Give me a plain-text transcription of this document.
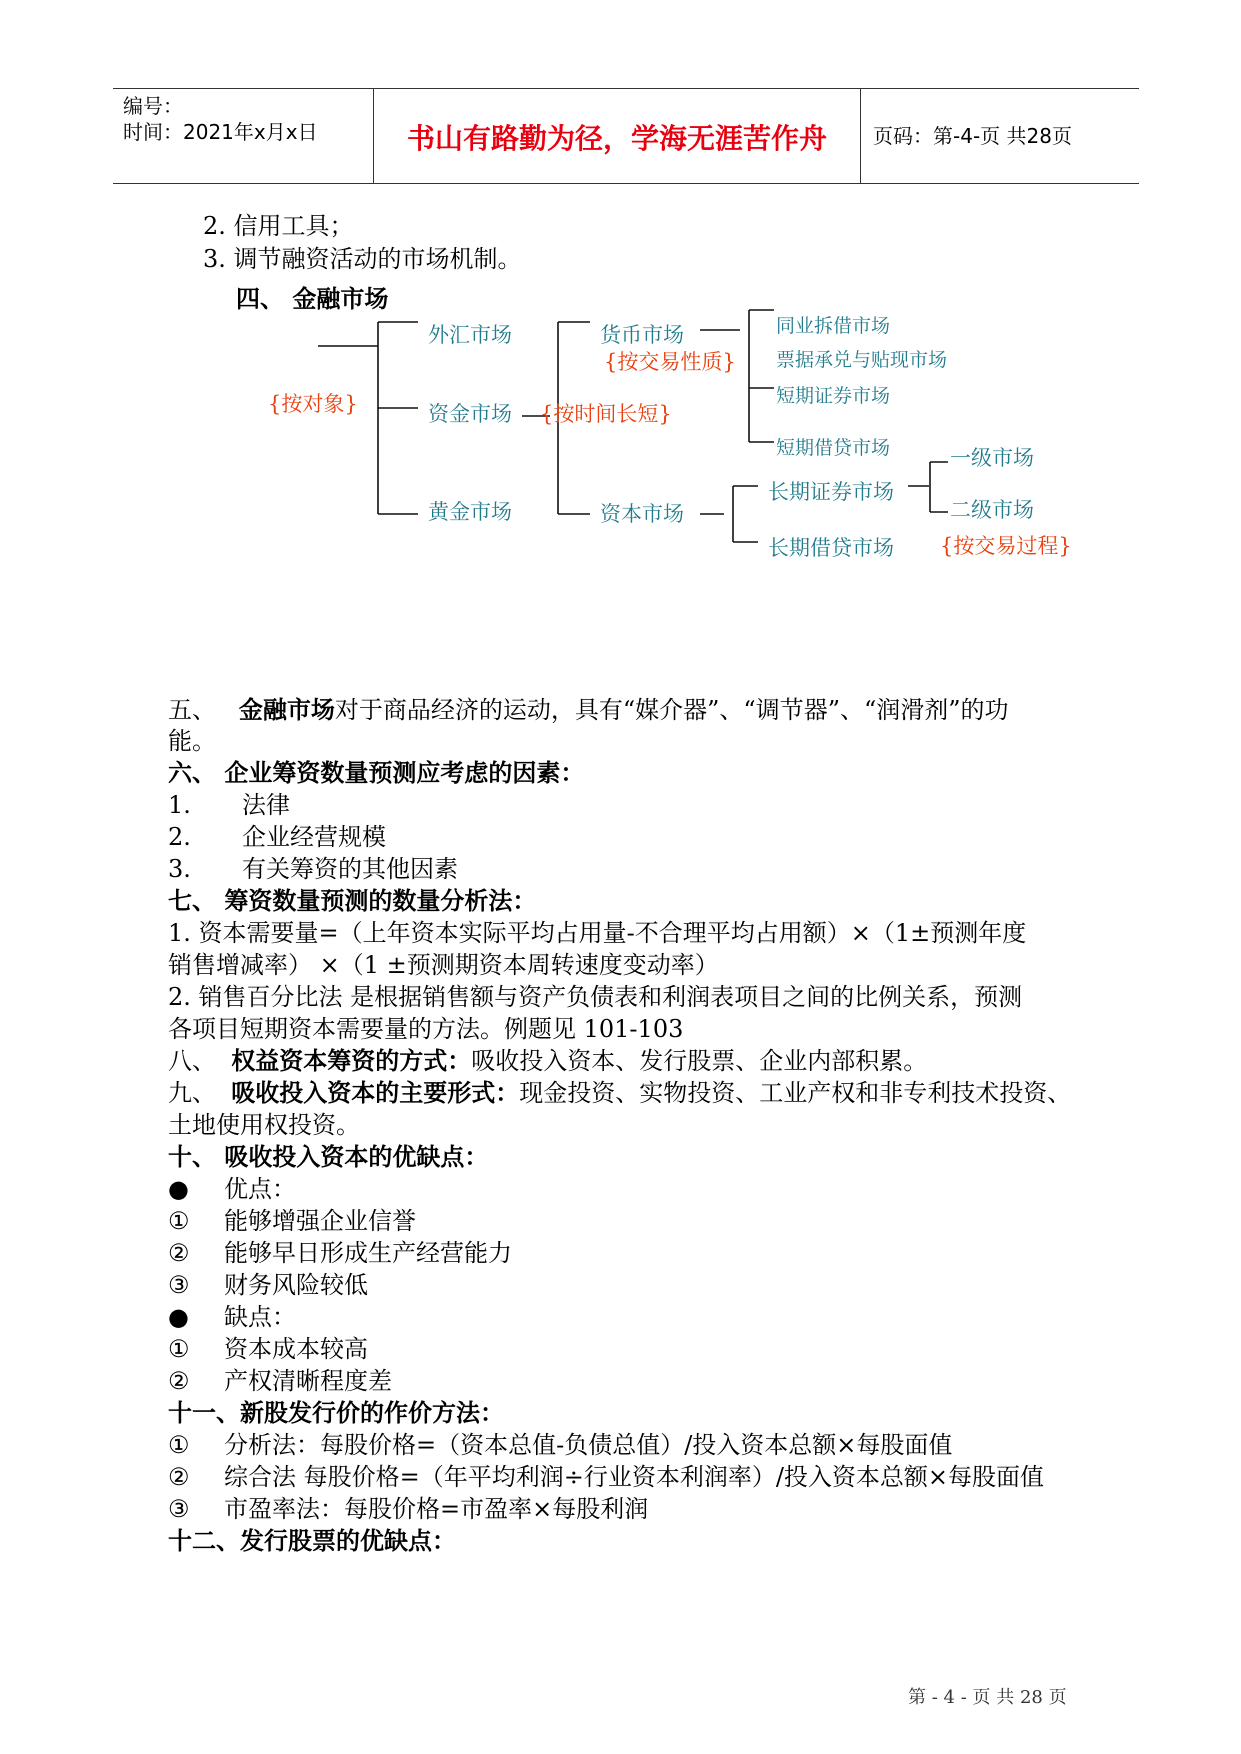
编号：
时间：2021年x月x日	书山有路勤为径，学海无涯苦作舟	页码：第-4-页 共28页
2. 信用工具；
3. 调节融资活动的市场机制。
四、 金融市场
外汇市场
资金市场
黄金市场
{按对象}	{按时间长短}
货币市场
{按交易性质}
资本市场
同业拆借市场
票据承兑与贴现市场
短期证券市场
短期借贷市场
长期证券市场
长期借贷市场
一级市场
二级市场
{按交易过程}
五、 金融市场对于商品经济的运动，具有“媒介器”、“调节器”、“润滑剂”的功
能。
六、 企业筹资数量预测应考虑的因素：
1. 法律
2. 企业经营规模
3. 有关筹资的其他因素
七、 筹资数量预测的数量分析法：
1. 资本需要量=（上年资本实际平均占用量-不合理平均占用额）×（1±预测年度
销售增减率） ×（1 ±预测期资本周转速度变动率）
2. 销售百分比法 是根据销售额与资产负债表和利润表项目之间的比例关系，预测
各项目短期资本需要量的方法。例题见 101-103
八、 权益资本筹资的方式：吸收投入资本、发行股票、企业内部积累。
九、 吸收投入资本的主要形式：现金投资、实物投资、工业产权和非专利技术投资、
土地使用权投资。
十、 吸收投入资本的优缺点：
● 优点：
① 能够增强企业信誉
② 能够早日形成生产经营能力
③ 财务风险较低
● 缺点：
① 资本成本较高
② 产权清晰程度差
十一、新股发行价的作价方法：
① 分析法：每股价格=（资本总值-负债总值）/投入资本总额×每股面值
② 综合法 每股价格=（年平均利润÷行业资本利润率）/投入资本总额×每股面值
③ 市盈率法：每股价格=市盈率×每股利润
十二、发行股票的优缺点：
第 - 4 - 页 共 28 页
